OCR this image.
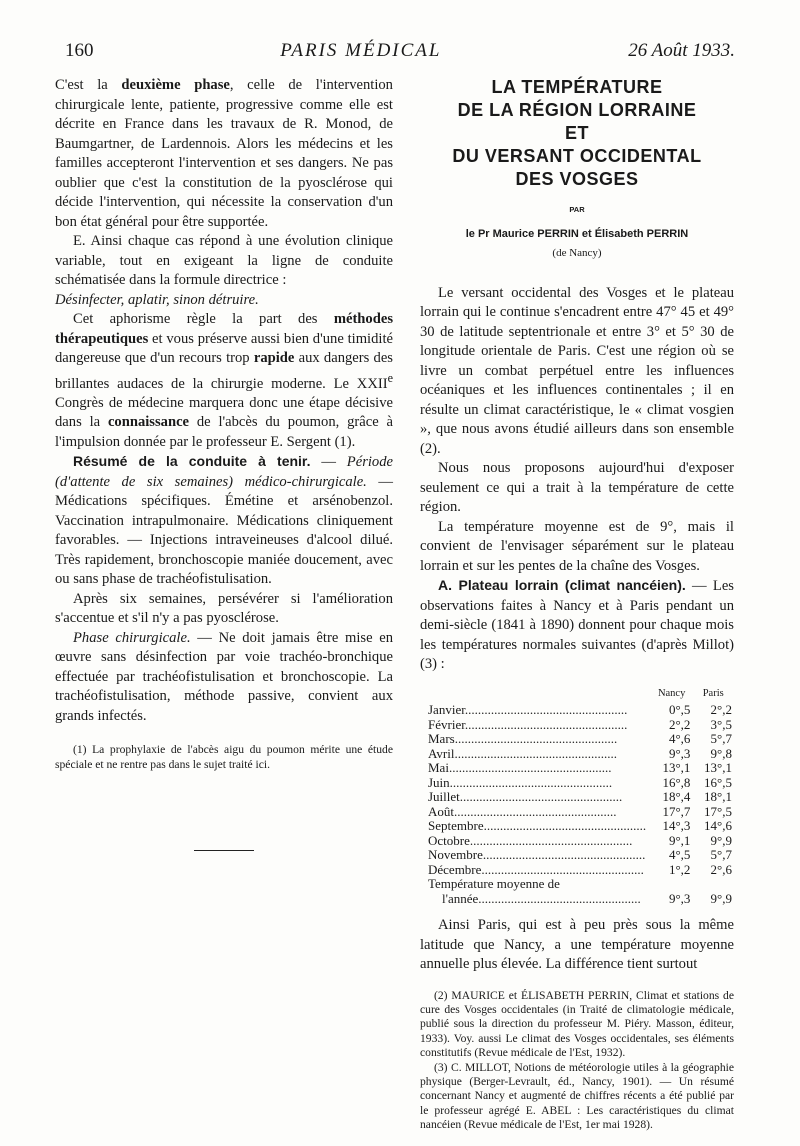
160	PARIS MÉDICAL	26 Août 1933.

C'est la deuxième phase, celle de l'intervention chirurgicale lente, patiente, progressive comme elle est décrite en France dans les travaux de R. Monod, de Baumgartner, de Lardennois. Alors les médecins et les familles accepteront l'intervention et ses dangers. Ne pas oublier que c'est la constitution de la pyosclérose qui décide l'intervention, qui nécessite la conservation d'un bon état général pour être supportée.

E. Ainsi chaque cas répond à une évolution clinique variable, tout en exigeant la ligne de conduite schématisée dans la formule directrice :

Désinfecter, aplatir, sinon détruire.

Cet aphorisme règle la part des méthodes thérapeutiques et vous préserve aussi bien d'une timidité dangereuse que d'un recours trop rapide aux dangers des brillantes audaces de la chirurgie moderne. Le XXIIe Congrès de médecine marquera donc une étape décisive dans la connaissance de l'abcès du poumon, grâce à l'impulsion donnée par le professeur E. Sergent (1).

Résumé de la conduite à tenir. — Période (d'attente de six semaines) médico-chirurgicale. — Médications spécifiques. Émétine et arsénobenzol. Vaccination intrapulmonaire. Médications cliniquement favorables. — Injections intraveineuses d'alcool dilué. Très rapidement, bronchoscopie maniée doucement, avec ou sans phase de trachéofistulisation.

Après six semaines, persévérer si l'amélioration s'accentue et s'il n'y a pas pyosclérose.

Phase chirurgicale. — Ne doit jamais être mise en œuvre sans désinfection par voie trachéo-bronchique effectuée par trachéofistulisation et bronchoscopie. La trachéofistulisation, méthode passive, convient aux grands infectés.

(1) La prophylaxie de l'abcès aigu du poumon mérite une étude spéciale et ne rentre pas dans le sujet traité ici.

LA TEMPÉRATURE
DE LA RÉGION LORRAINE
ET
DU VERSANT OCCIDENTAL
DES VOSGES
PAR
le Pr Maurice PERRIN et Élisabeth PERRIN
(de Nancy)

Le versant occidental des Vosges et le plateau lorrain qui le continue s'encadrent entre 47° 45 et 49° 30 de latitude septentrionale et entre 3° et 5° 30 de longitude orientale de Paris. C'est une région où se livre un combat perpétuel entre les influences océaniques et les influences continentales ; il en résulte un climat caractéristique, le « climat vosgien », que nous avons étudié ailleurs dans son ensemble (2).

Nous nous proposons aujourd'hui d'exposer seulement ce qui a trait à la température de cette région.

La température moyenne est de 9°, mais il convient de l'envisager séparément sur le plateau lorrain et sur les pentes de la chaîne des Vosges.

A. Plateau lorrain (climat nancéien). — Les observations faites à Nancy et à Paris pendant un demi-siècle (1841 à 1890) donnent pour chaque mois les températures normales suivantes (d'après Millot) (3) :

	Nancy	Paris
Janvier..................................................	0°,5	2°,2
Février..................................................	2°,2	3°,5
Mars..................................................	4°,6	5°,7
Avril..................................................	9°,3	9°,8
Mai..................................................	13°,1	13°,1
Juin..................................................	16°,8	16°,5
Juillet..................................................	18°,4	18°,1
Août..................................................	17°,7	17°,5
Septembre..................................................	14°,3	14°,6
Octobre..................................................	9°,1	9°,9
Novembre..................................................	4°,5	5°,7
Décembre..................................................	1°,2	2°,6
Température moyenne de		
l'année..................................................	9°,3	9°,9

Ainsi Paris, qui est à peu près sous la même latitude que Nancy, a une température moyenne annuelle plus élevée. La différence tient surtout

(2) MAURICE et ÉLISABETH PERRIN, Climat et stations de cure des Vosges occidentales (in Traité de climatologie médicale, publié sous la direction du professeur M. Piéry. Masson, éditeur, 1933). Voy. aussi Le climat des Vosges occidentales, ses éléments constitutifs (Revue médicale de l'Est, 1932).

(3) C. MILLOT, Notions de météorologie utiles à la géographie physique (Berger-Levrault, éd., Nancy, 1901). — Un résumé concernant Nancy et augmenté de chiffres récents a été publié par le professeur agrégé E. ABEL : Les caractéristiques du climat nancéien (Revue médicale de l'Est, 1er mai 1928).
